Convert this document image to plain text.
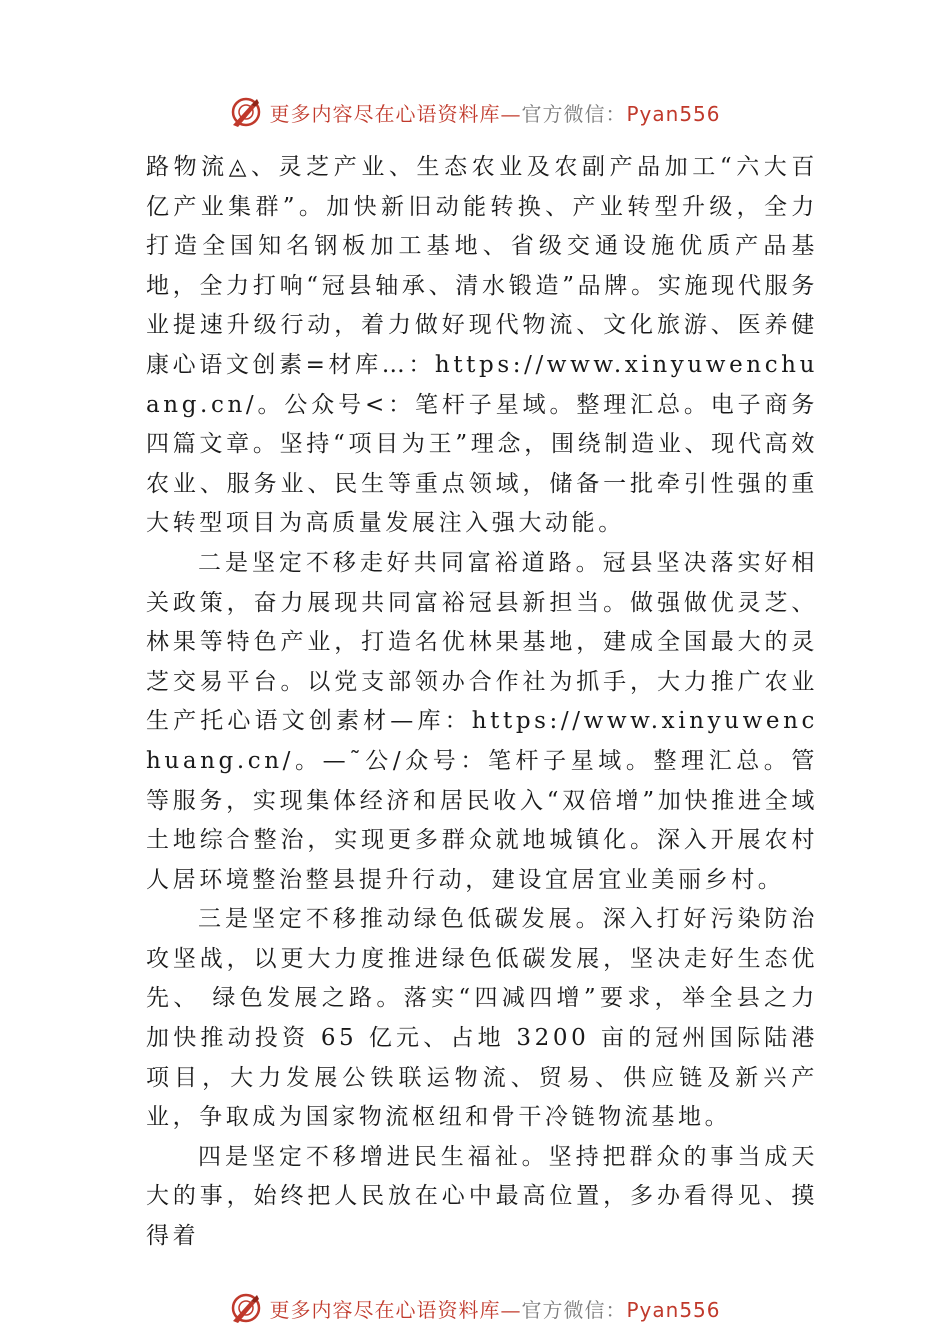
更多内容尽在心语资料库—官方微信：Pyan556

路物流◬、灵芝产业、生态农业及农副产品加工“六大百亿产业集群”。加快新旧动能转换、产业转型升级，全力打造全国知名钢板加工基地、省级交通设施优质产品基地，全力打响“冠县轴承、清水锻造”品牌。实施现代服务业提速升级行动，着力做好现代物流、文化旅游、医养健康心语文创素=材库…：https://www.xinyuwenchuang.cn/。公众号<：笔杆子星域。整理汇总。电子商务四篇文章。坚持“项目为王”理念，围绕制造业、现代高效农业、服务业、民生等重点领域，储备一批牵引性强的重大转型项目为高质量发展注入强大动能。

二是坚定不移走好共同富裕道路。冠县坚决落实好相关政策，奋力展现共同富裕冠县新担当。做强做优灵芝、林果等特色产业，打造名优林果基地，建成全国最大的灵芝交易平台。以党支部领办合作社为抓手，大力推广农业生产托心语文创素材—库：https://www.xinyuwenchuang.cn/。—˜公/众号：笔杆子星域。整理汇总。管等服务，实现集体经济和居民收入“双倍增”加快推进全域土地综合整治，实现更多群众就地城镇化。深入开展农村人居环境整治整县提升行动，建设宜居宜业美丽乡村。

三是坚定不移推动绿色低碳发展。深入打好污染防治攻坚战，以更大力度推进绿色低碳发展，坚决走好生态优先、 绿色发展之路。落实“四减四增”要求，举全县之力加快推动投资 65 亿元、占地 3200 亩的冠州国际陆港项目，大力发展公铁联运物流、贸易、供应链及新兴产业，争取成为国家物流枢纽和骨干冷链物流基地。

四是坚定不移增进民生福祉。坚持把群众的事当成天大的事，始终把人民放在心中最高位置，多办看得见、摸得着

更多内容尽在心语资料库—官方微信：Pyan556
